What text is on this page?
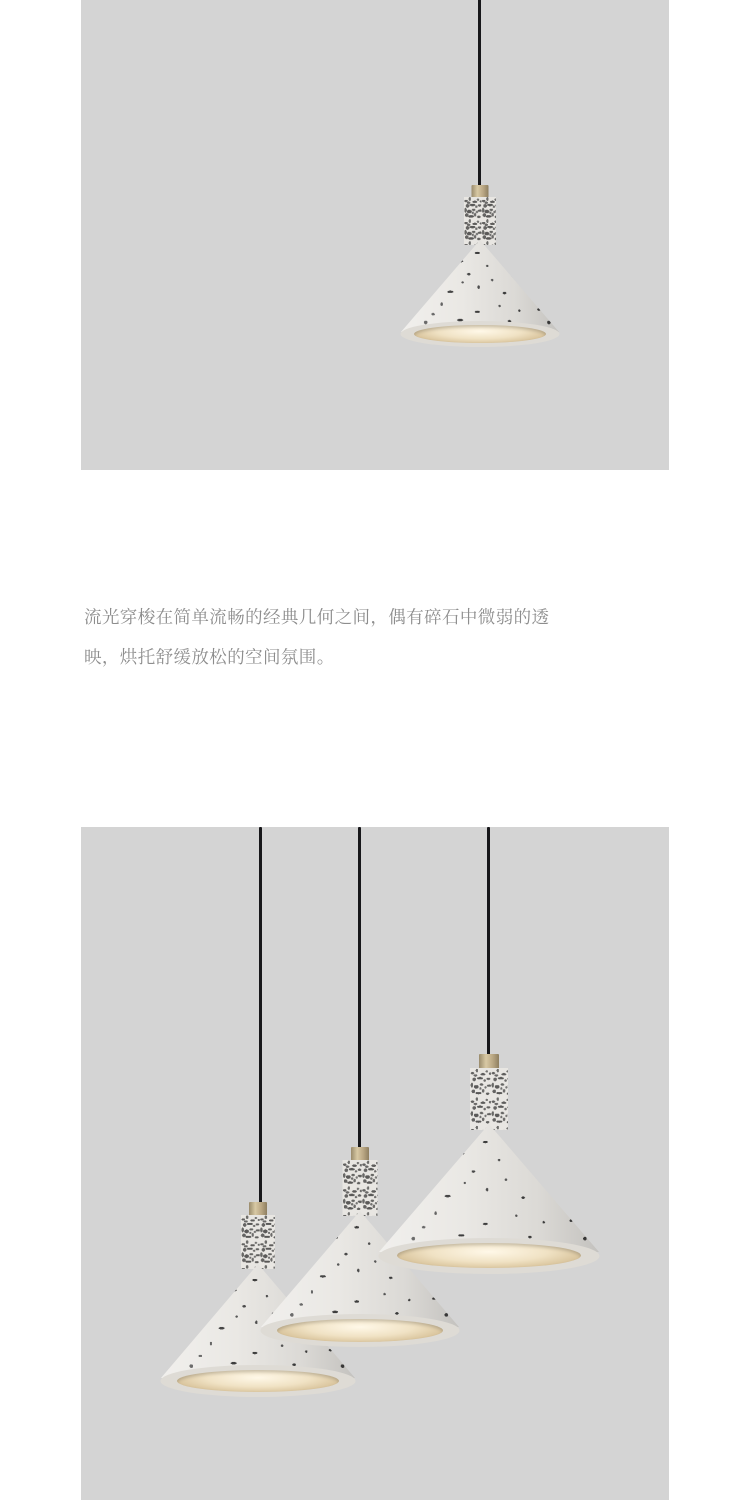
流光穿梭在简单流畅的经典几何之间，偶有碎石中微弱的透
映，烘托舒缓放松的空间氛围。
